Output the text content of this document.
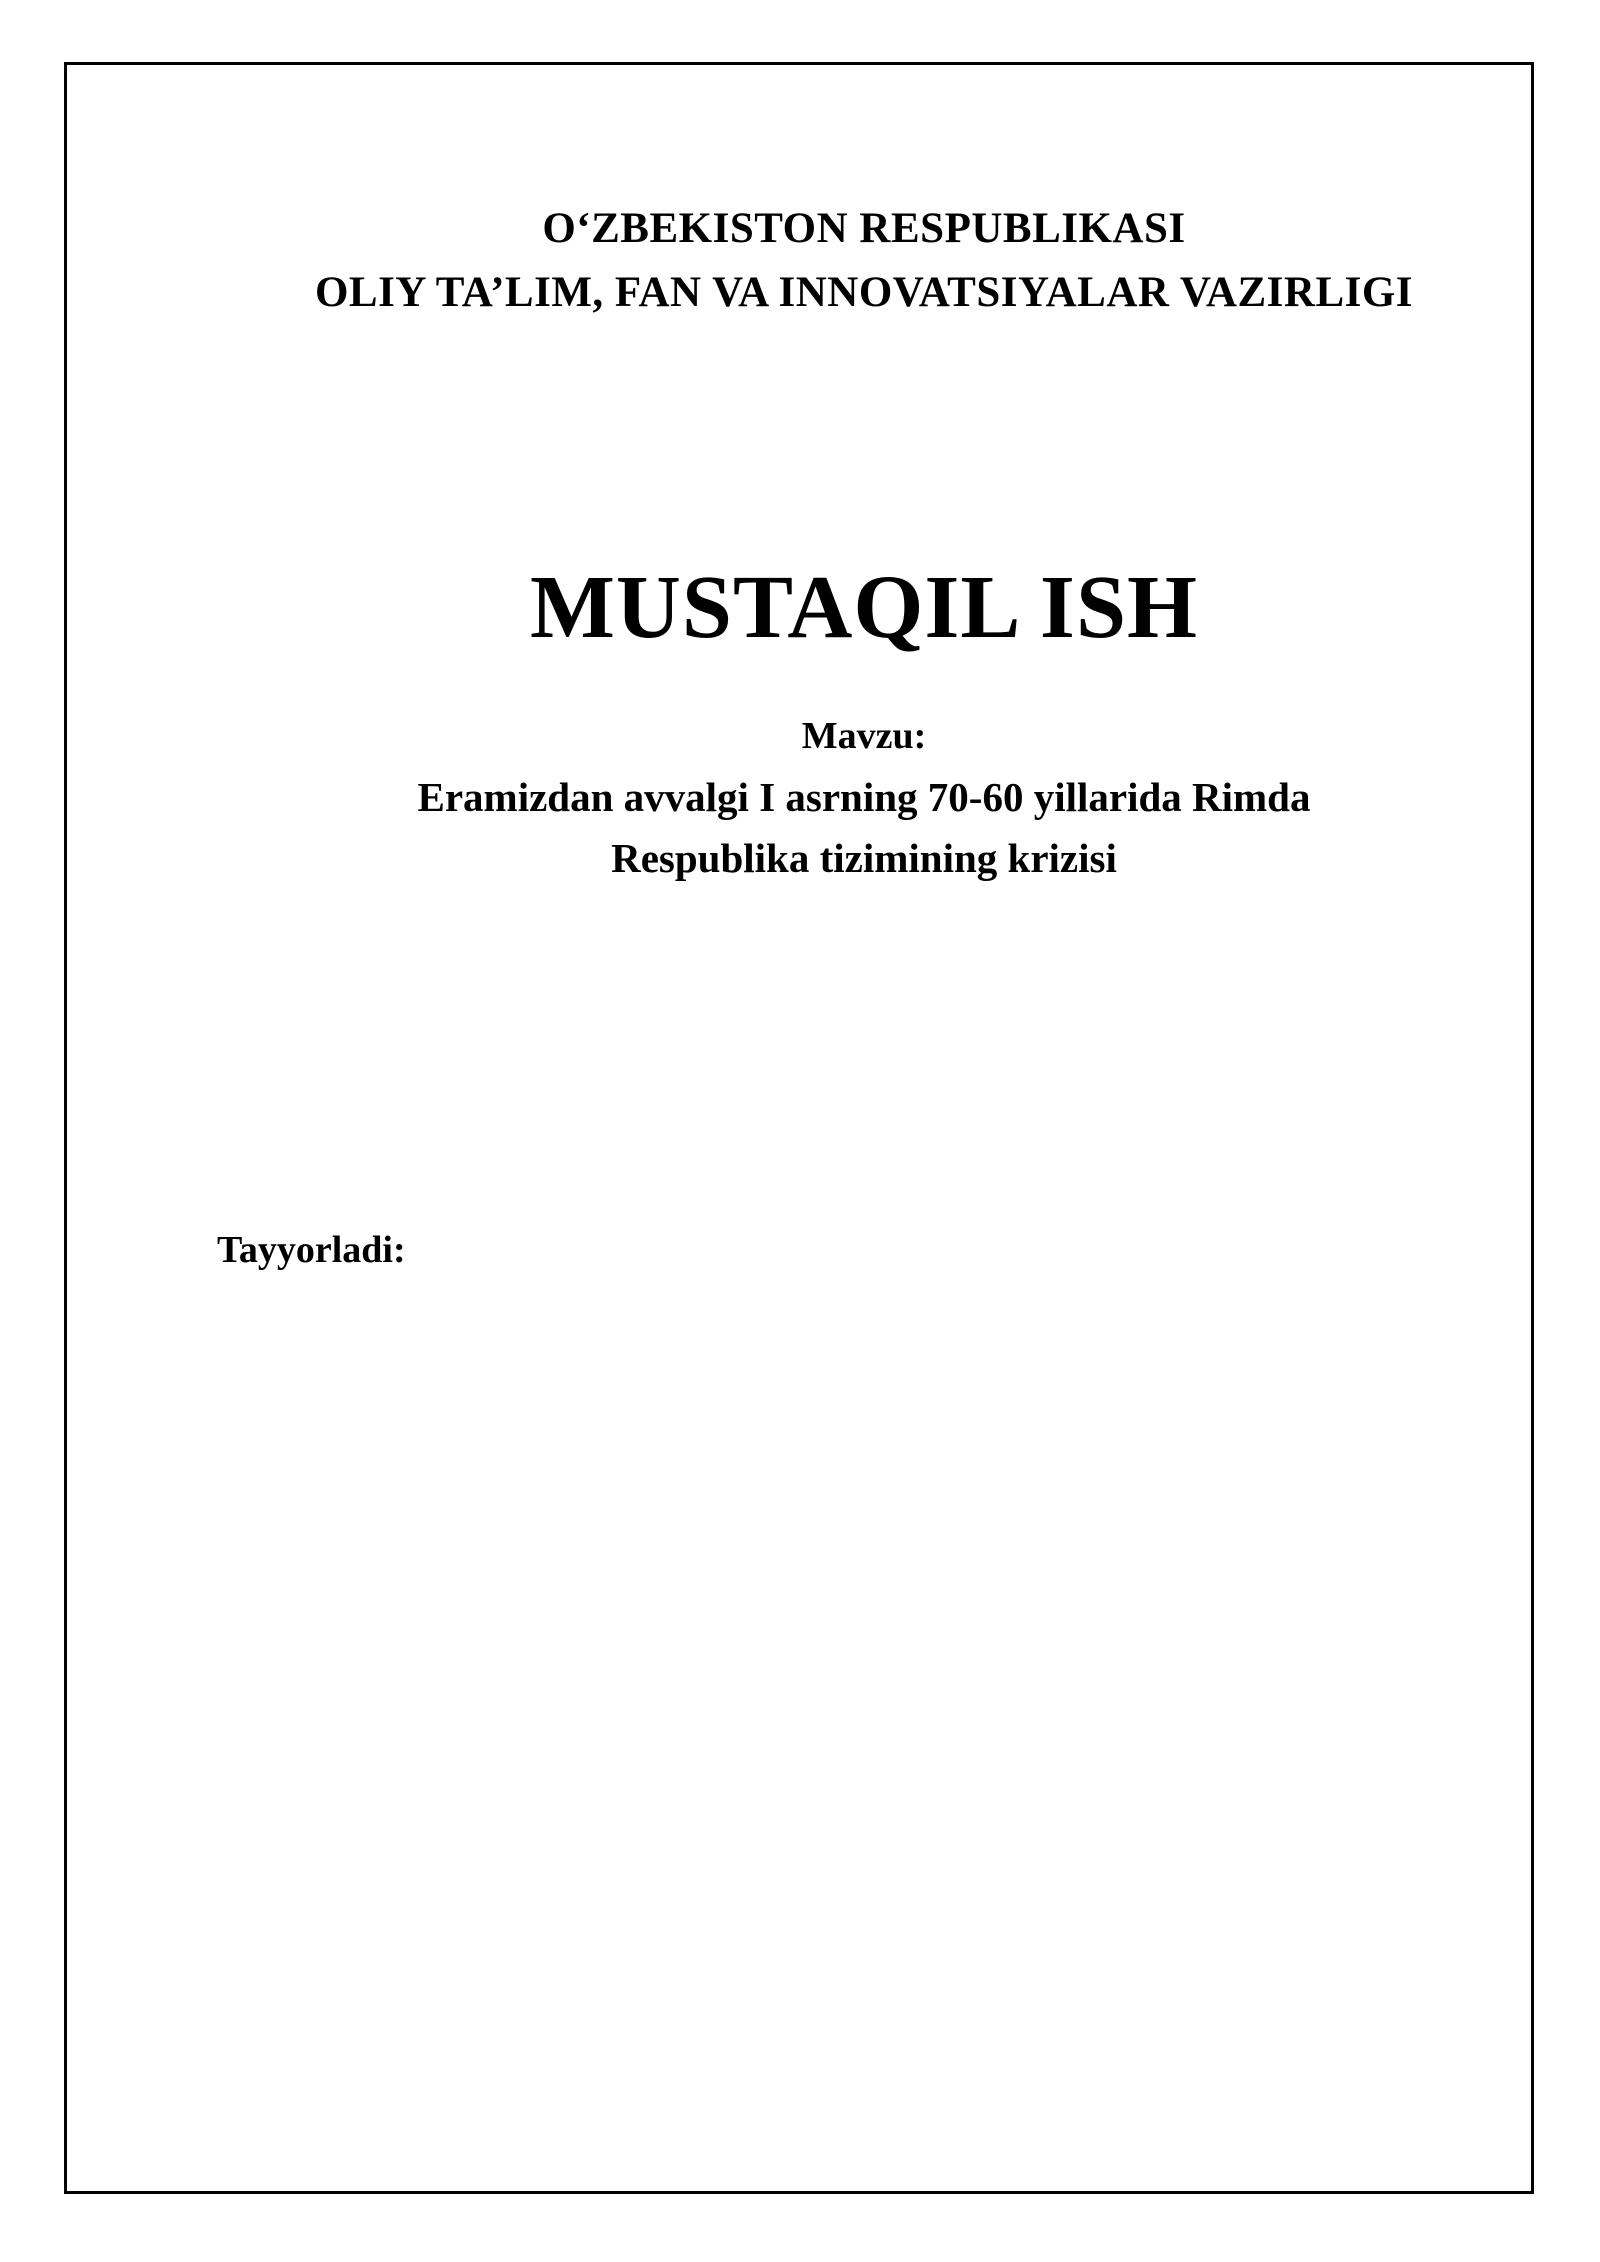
O‘ZBEKISTON RESPUBLIKASI
OLIY TA’LIM, FAN VA INNOVATSIYALAR VAZIRLIGI
MUSTAQIL ISH
Mavzu:
Eramizdan avvalgi I asrning 70-60 yillarida Rimda
Respublika tizimining krizisi
Tayyorladi:
